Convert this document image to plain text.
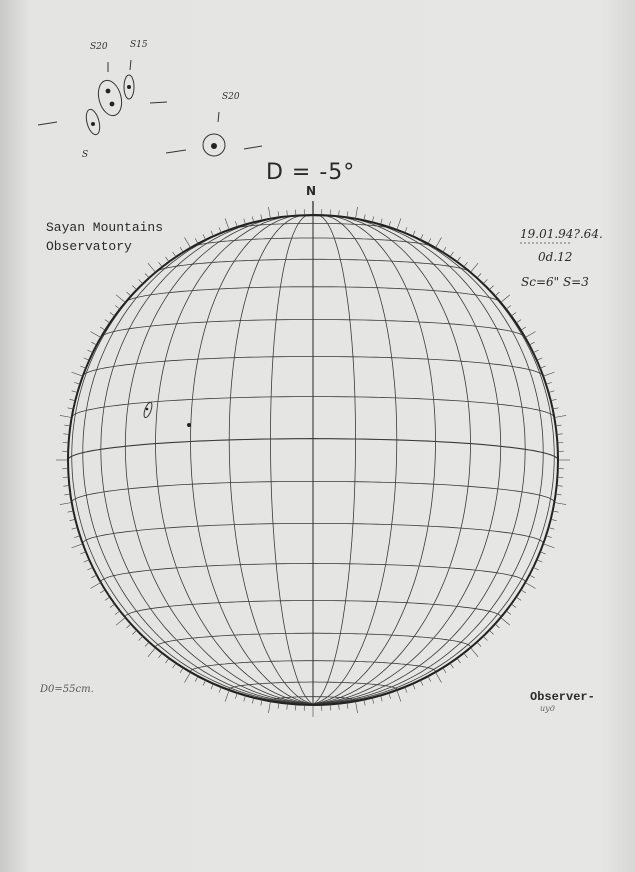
Sayan Mountains
Observatory
D = -5°
N
19.01.94?.64.
0d.12
Sc=6" S=3
D0=55cm.
Observer-
иуд
S20 S15
S20
S
